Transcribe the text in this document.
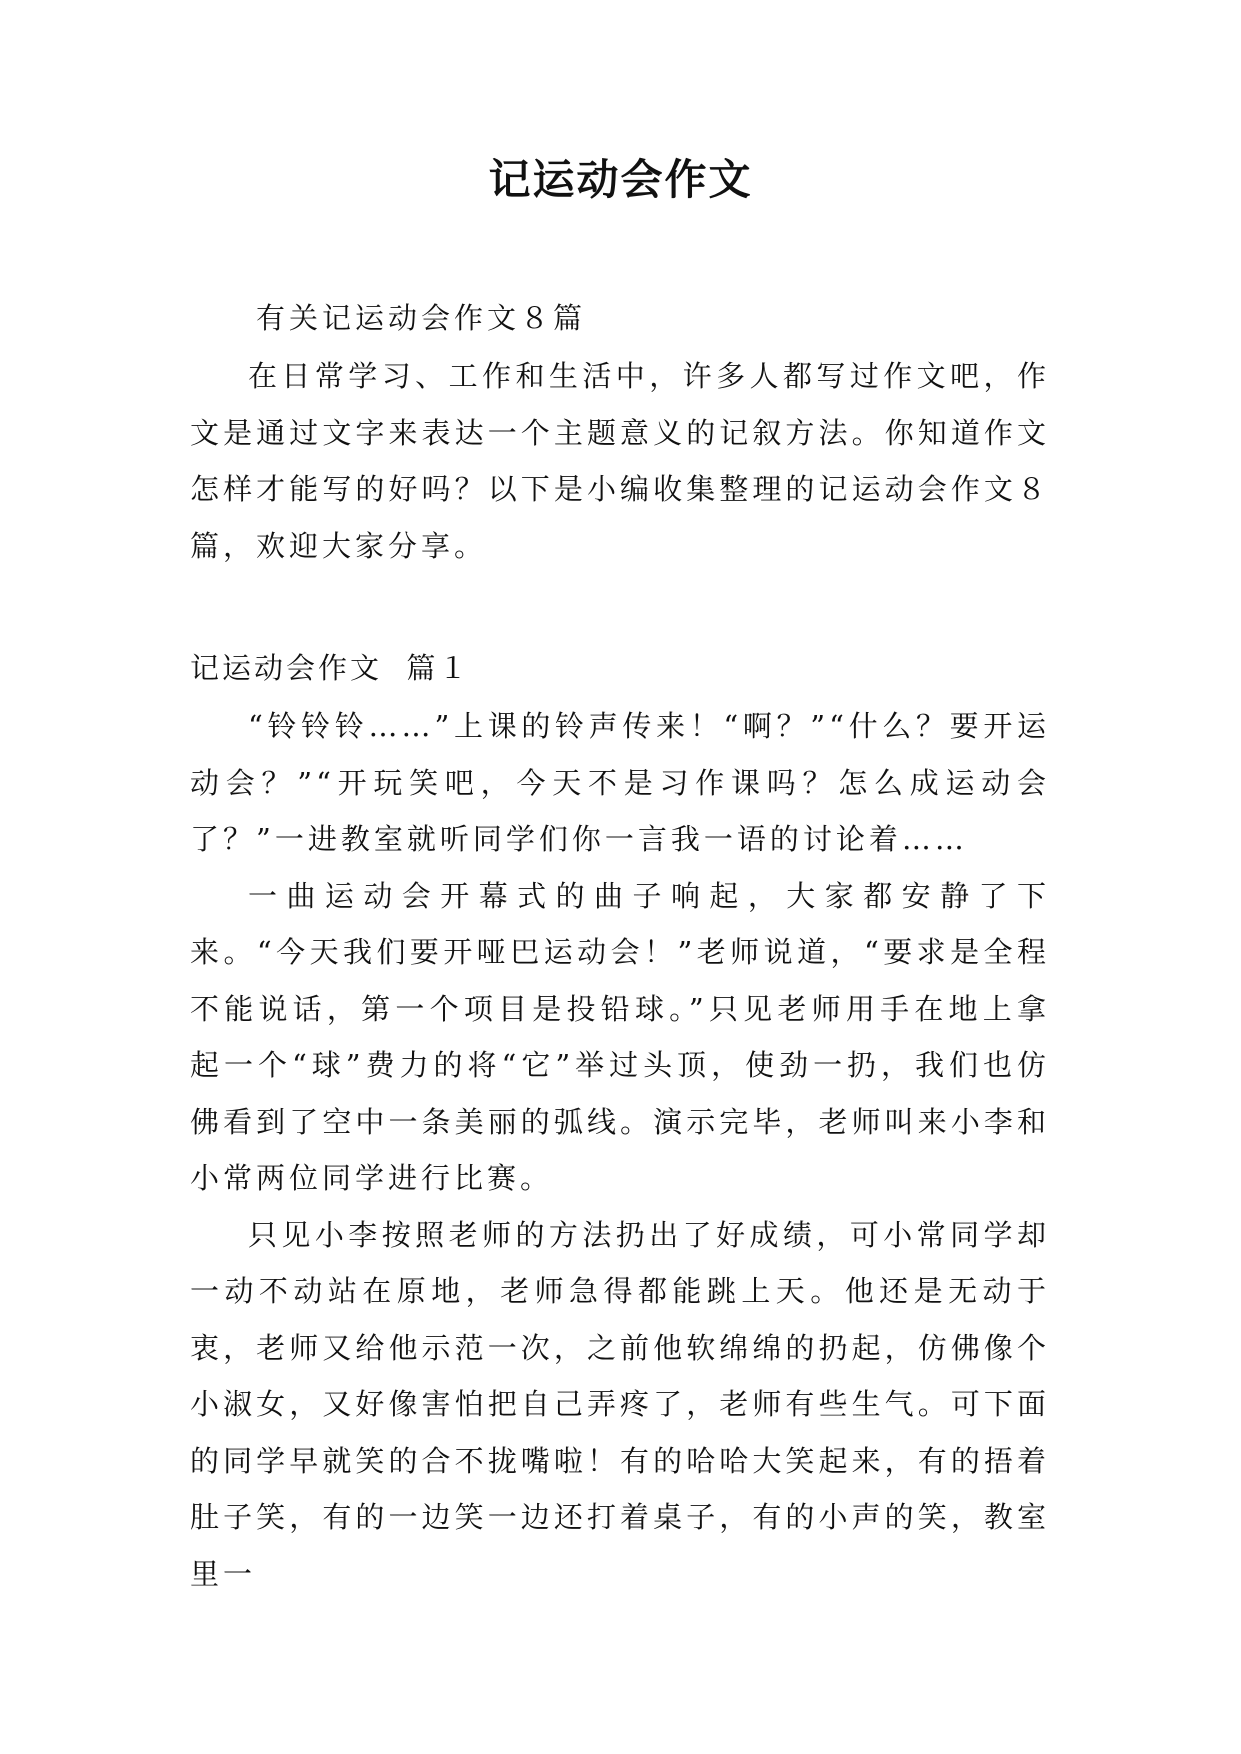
记运动会作文
有关记运动会作文８篇

在日常学习、工作和生活中，许多人都写过作文吧，作文是通过文字来表达一个主题意义的记叙方法。你知道作文怎样才能写的好吗？以下是小编收集整理的记运动会作文８篇，欢迎大家分享。

记运动会作文  篇１

“铃铃铃……”上课的铃声传来！“啊？”“什么？要开运动会？”“开玩笑吧，今天不是习作课吗？怎么成运动会了？”一进教室就听同学们你一言我一语的讨论着……

一曲运动会开幕式的曲子响起，大家都安静了下来。“今天我们要开哑巴运动会！”老师说道，“要求是全程不能说话，第一个项目是投铅球。”只见老师用手在地上拿起一个“球”费力的将“它”举过头顶，使劲一扔，我们也仿佛看到了空中一条美丽的弧线。演示完毕，老师叫来小李和小常两位同学进行比赛。

只见小李按照老师的方法扔出了好成绩，可小常同学却一动不动站在原地，老师急得都能跳上天。他还是无动于衷，老师又给他示范一次，之前他软绵绵的扔起，仿佛像个小淑女，又好像害怕把自己弄疼了，老师有些生气。可下面的同学早就笑的合不拢嘴啦！有的哈哈大笑起来，有的捂着肚子笑，有的一边笑一边还打着桌子，有的小声的笑，教室里一
